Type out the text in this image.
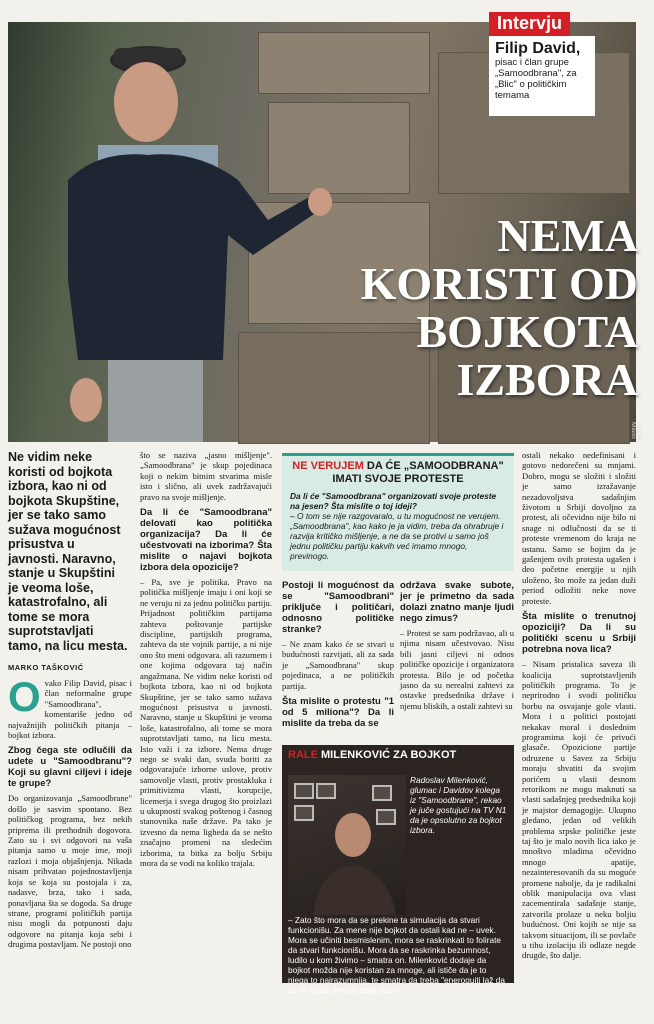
NEMA
KORISTI OD
BOJKOTA
IZBORA
foto: M. Miletić
Intervju
Filip David,
pisac i član grupe „Samoodbrana", za „Blic" o političkim temama
Ne vidim neke koristi od bojkota izbora, kao ni od bojkota Skupštine, jer se tako samo sužava mogućnost prisustva u javnosti. Naravno, stanje u Skupštini je veoma loše, katastrofalno, ali tome se mora suprotstavljati tamo, na licu mesta.
MARKO TAŠKOVIĆ
O vako Filip David, pisac i član neformalne grupe "Samoodbrana", komentariše jedno od najvažnijih političkih pitanja – bojkot izbora.
Zbog čega ste odlučili da udete u "Samoodbranu"? Koji su glavni ciljevi i ideje te grupe?
Do organizovanja „Samoodbrane" došlo je sasvim spontano. Bez političkog programa, bez nekih priprema ili prethodnih dogovora. Zato su i svi odgovori na vaša pitanja samo u moje ime, moji razlozi i moja objašnjenja. Nikada nisam prihvatao pojednostavljenja koja se koja su postojala i za, nadasve, brza, tako i sada, ponavljana šta se dogoda. Sa druge strane, programi političkih partija nisu mogli da potpunosti daju odgovore na pitanja koja sebi i drugima postavljam. Ne postoji ono
što se naziva „jasno mišljenje". „Samoodbrana" je skup pojedinaca koji o nekim bitnim stvarima misle isto i slično, ali uvek zadržavajući pravo na svoje mišljenje.
Da li će "Samoodbrana" delovati kao politička organizacija? Da li će učestvovati na izborima? Šta mislite o najavi bojkota izbora dela opozicije?
– Pa, sve je politika. Pravo na politička mišljenje imaju i oni koji se ne veruju ni za jednu političku partiju. Prijadnost političkim partijama zahteva poštovanje partijske discipline, partijskih programa, zahteva da ste vojnik partije, a ni nije ono što meni odgovara. ali razumem i one kojima odgovara taj način angažmana. Ne vidim neke koristi od bojkota izbora, kao ni od bojkota Skupštine, jer se tako samo sužava mogućnost prisustva u javnosti. Naravno, stanje u Skupštini je veoma loše, katastrofalno, ali tome se mora suprotstavljati tamo, na licu mesta. Isto važi i za izbore. Nema druge nego se svaki dan, svuda boriti za odgovarajuće izborne uslove, protiv samovolje vlasti, protiv prostakluka i primitivizma vlasti, korupcije, licemerja i svega drugog što proizlazi u ukupnosti svakog poštenog i časnog stanovnika naše države. Pa tako je izvesno da nema ligheda da se nešto značajno promeni na sledećim izborima, ta bitka za bolju Srbiju mora da se vodi na koliko trajala.
NE VERUJEM DA ĆE „SAMOODBRANA" IMATI SVOJE PROTESTE
Da li će "Samoodbrana" organizovati svoje proteste na jesen? Šta mislite o toj ideji?
– O tom se nije razgovaralo, u tu mogućnost ne verujem. „Samoodbrana", kao kako je ja vidim, treba da ohrabruje i razvija kritičko mišljenje, a ne da se protivi u samo još jednu političku partiju kakvih već imamo mnogo, previnogo.
Postoji li mogućnost da se "Samoodbrani" priključe i političari, odnosno političke stranke?
– Ne znam kako će se stvari u budućnosti razvijati, ali za sada je „Samoodbrana" skup pojedinaca, a ne političkih partija.
Šta mislite o protestu "1 od 5 miliona"? Da li mislite da treba da se
održava svake subote, jer je primetno da sada dolazi znatno manje ljudi nego zimus?
– Protest se sam podržavao, ali u njima nisam učestvovao. Nisu bili jasni ciljevi ni odnos političke opozicije i organizatora protesta. Bilo je od početka jasno da su nerealni zahtevi za ostavke predsednika države i njemu bliskih, a ostali zahtevi su
RALE MILENKOVIĆ ZA BOJKOT
Radoslav Milenković, glumac i Davidov kolega iz "Samoodbrane", rekao je juče gostujući na TV N1 da je opsolutno za bojkot izbora.
– Zato što mora da se prekine ta simulacija da stvari funkcionišu. Za mene nije bojkot da ostali kad ne – uvek. Mora se učiniti besmislenim, mora se raskrinkati to folirate da stvari funkcionišu. Mora da se raskrinka bezumnost, ludilo u kom živimo – smatra on. Milenković dodaje da bojkot možda nije koristan za mnoge, ali ističe da je to njega to najrazumnija, te smatra da treba "eneroguiti laž da su se desili demokratski izbori".
ostali nekako nedefinisani i gotovo nedorečeni su mnjami. Dobro, mogu se složiti i složiti je samo izražavanje nezadovoljstva sadašnjim životom u Srbiji dovoljno za protest, ali očevidno nije bilo ni snage ni odlučnosti da se ti proteste vremenom do kraja ne ustanu. Samo se bojim da je gašenjem ovih protesta ugašen i deo početne energije u njih uloženo, što može za jedan duži period odložiti neke nove proteste.
Šta mislite o trenutnoj opoziciji? Da li su politički scenu u Srbiji potrebna nova lica?
– Nisam pristalica saveza ili koalicija suprotstavljenih političkih programa. To je neprirodno i svodi političku borbu na osvajanje golе vlasti. Mora i u politici postojati nekakav moral i doslednim programima koji će privući glasače. Opozicione partije odruzene u Savez za Srbiju moraju shvatiti da svojim porićem u vlasti desnom retorikom ne mogu maknuti sa vlasti sadašnjeg predsednika koji je majstor demagogije. Ukupno gledano, jedan od velikih problema srpske političke jeste taj što je malo novih lica iako je mnoštvo mladima očevidno mnogo apatije, nezainteresovanih da su moguće promene nabolje, da je radikalni oblik manipulacija ova vlast zacementirala sadašnje stanje, zatvorila prolaze u neku boljiu budućnost. Oni kojih se nije sa takvom situacijom, ili se povlače u tihu izolaciju ili odlaze negde drugde, što dalje.
